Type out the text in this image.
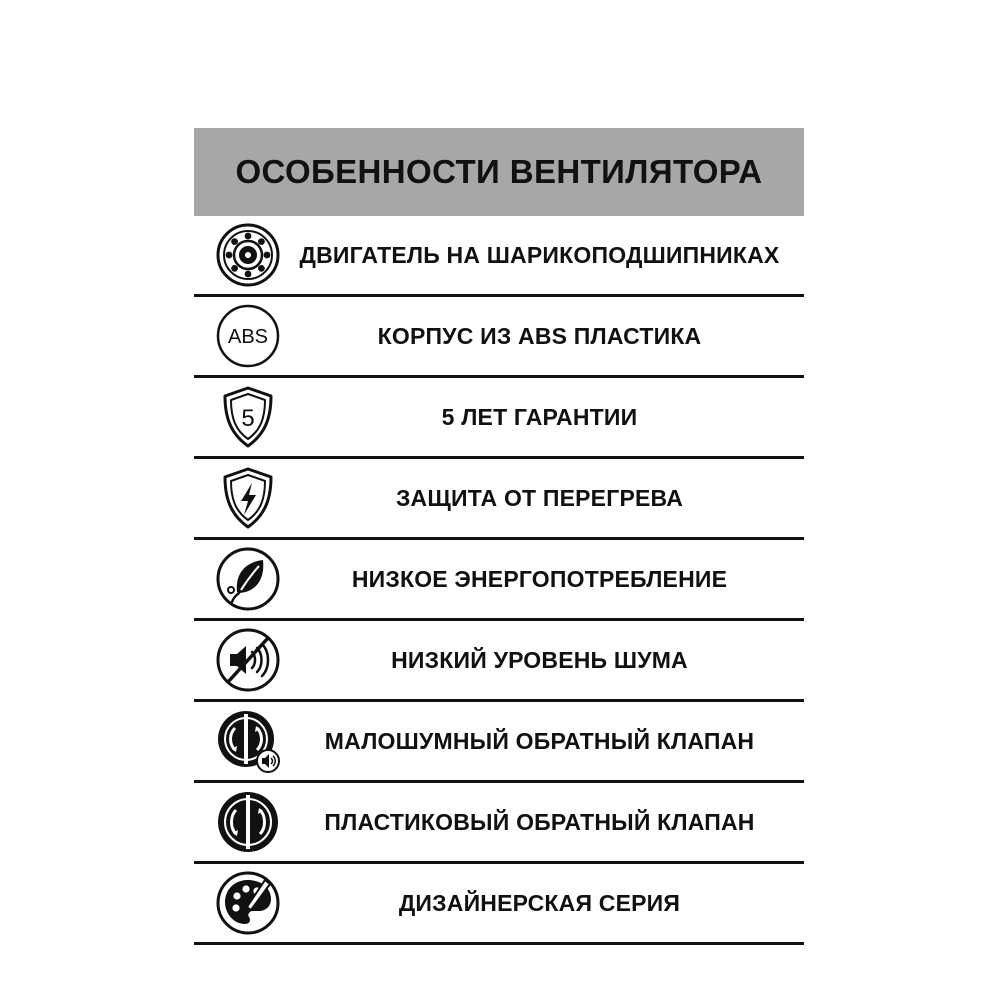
ОСОБЕННОСТИ ВЕНТИЛЯТОРА
ДВИГАТЕЛЬ НА ШАРИКОПОДШИПНИКАХ
ABS	КОРПУС ИЗ ABS ПЛАСТИКА
5	5 ЛЕТ ГАРАНТИИ
ЗАЩИТА ОТ ПЕРЕГРЕВА
НИЗКОЕ ЭНЕРГОПОТРЕБЛЕНИЕ
НИЗКИЙ УРОВЕНЬ ШУМА
МАЛОШУМНЫЙ ОБРАТНЫЙ КЛАПАН
ПЛАСТИКОВЫЙ ОБРАТНЫЙ КЛАПАН
ДИЗАЙНЕРСКАЯ СЕРИЯ
